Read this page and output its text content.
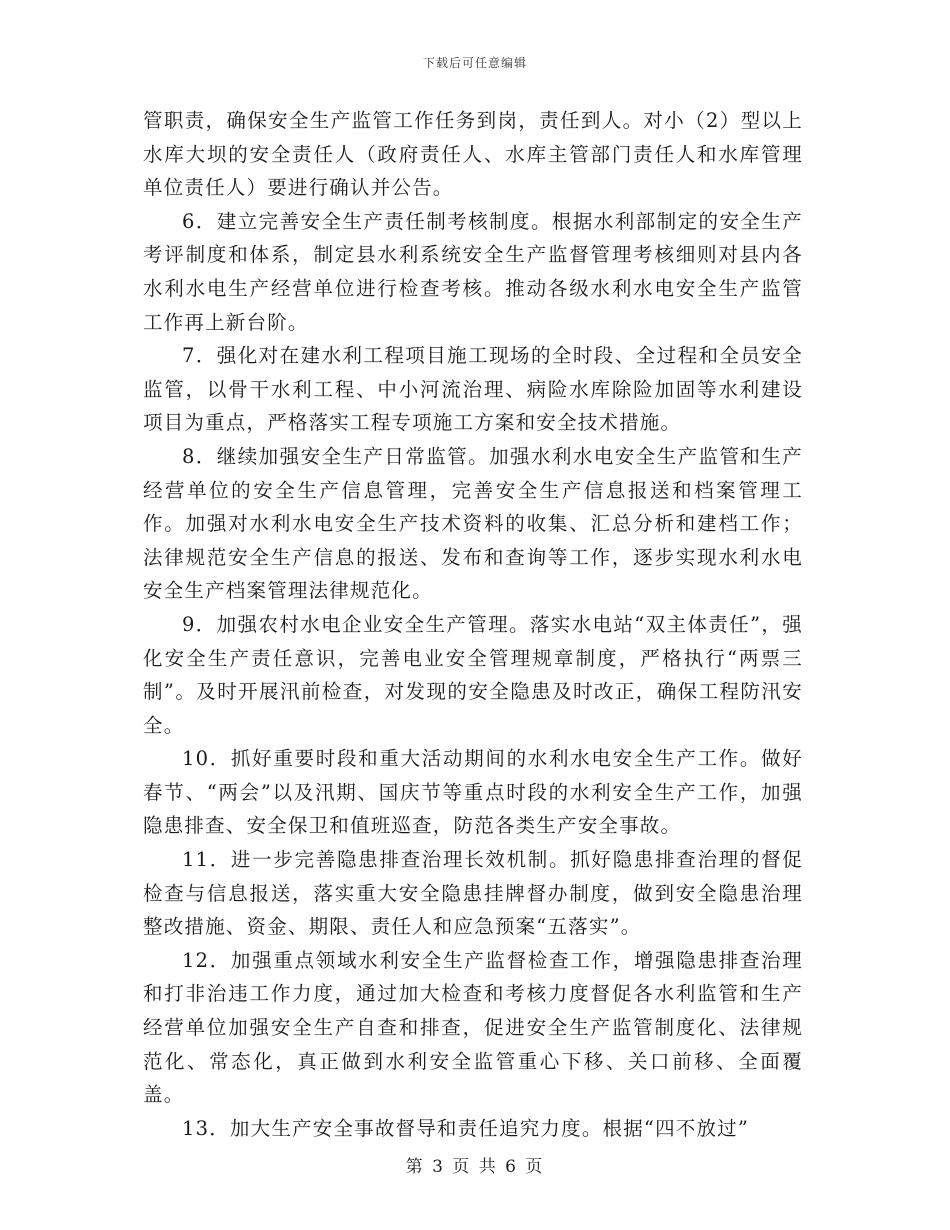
下载后可任意编辑

管职责，确保安全生产监管工作任务到岗，责任到人。对小（2）型以上水库大坝的安全责任人（政府责任人、水库主管部门责任人和水库管理单位责任人）要进行确认并公告。

6．建立完善安全生产责任制考核制度。根据水利部制定的安全生产考评制度和体系，制定县水利系统安全生产监督管理考核细则对县内各水利水电生产经营单位进行检查考核。推动各级水利水电安全生产监管工作再上新台阶。

7．强化对在建水利工程项目施工现场的全时段、全过程和全员安全监管，以骨干水利工程、中小河流治理、病险水库除险加固等水利建设项目为重点，严格落实工程专项施工方案和安全技术措施。

8．继续加强安全生产日常监管。加强水利水电安全生产监管和生产经营单位的安全生产信息管理，完善安全生产信息报送和档案管理工作。加强对水利水电安全生产技术资料的收集、汇总分析和建档工作；法律规范安全生产信息的报送、发布和查询等工作，逐步实现水利水电安全生产档案管理法律规范化。

9．加强农村水电企业安全生产管理。落实水电站“双主体责任”，强化安全生产责任意识，完善电业安全管理规章制度，严格执行“两票三制”。及时开展汛前检查，对发现的安全隐患及时改正，确保工程防汛安全。

10．抓好重要时段和重大活动期间的水利水电安全生产工作。做好春节、“两会”以及汛期、国庆节等重点时段的水利安全生产工作，加强隐患排查、安全保卫和值班巡查，防范各类生产安全事故。

11．进一步完善隐患排查治理长效机制。抓好隐患排查治理的督促检查与信息报送，落实重大安全隐患挂牌督办制度，做到安全隐患治理整改措施、资金、期限、责任人和应急预案“五落实”。

12．加强重点领域水利安全生产监督检查工作，增强隐患排查治理和打非治违工作力度，通过加大检查和考核力度督促各水利监管和生产经营单位加强安全生产自查和排查，促进安全生产监管制度化、法律规范化、常态化，真正做到水利安全监管重心下移、关口前移、全面覆盖。

13．加大生产安全事故督导和责任追究力度。根据“四不放过”

第 3 页 共 6 页
